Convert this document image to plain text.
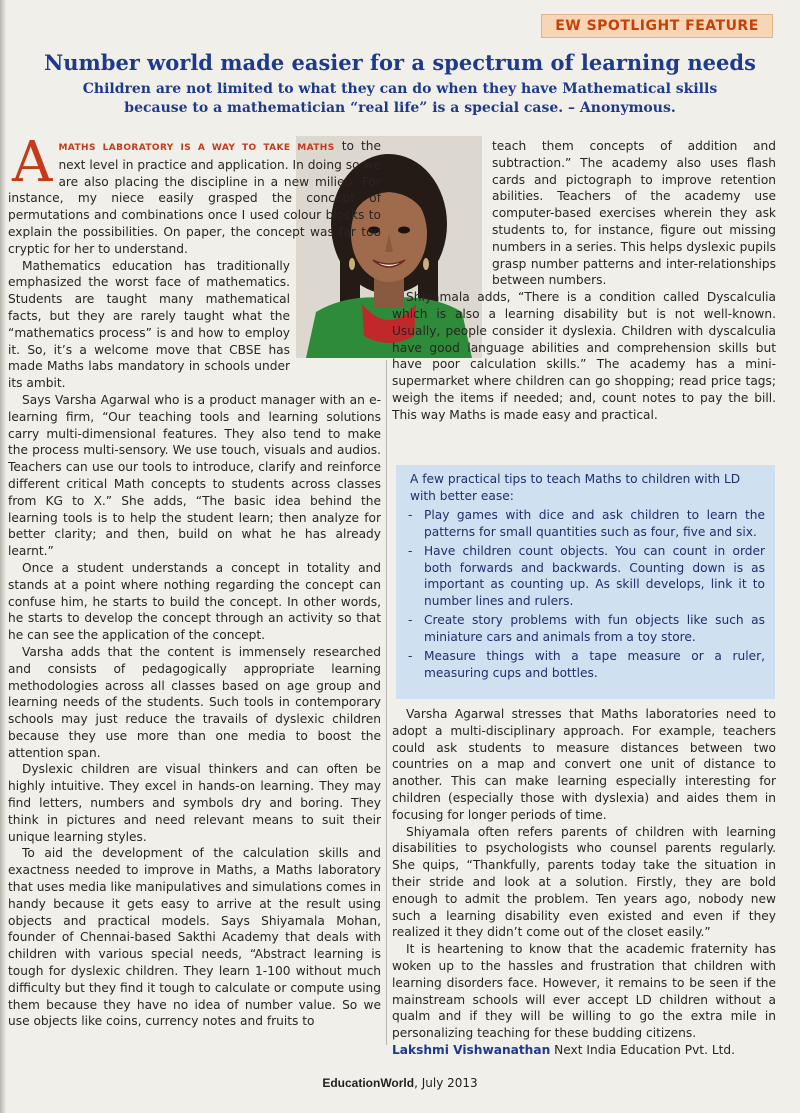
EW SPOTLIGHT FEATURE
Number world made easier for a spectrum of learning needs
Children are not limited to what they can do when they have Mathematical skills
because to a mathematician “real life” is a special case. – Anonymous.

A MATHS LABORATORY IS A WAY TO TAKE MATHS to the next level in practice and application. In doing so we are also placing the discipline in a new milieu. For instance, my niece easily grasped the concept of permutations and combinations once I used colour blocks to explain the possibilities. On paper, the concept was far too cryptic for her to understand.

Mathematics education has traditionally emphasized the worst face of mathematics. Students are taught many mathematical facts, but they are rarely taught what the “mathematics process” is and how to employ it. So, it’s a welcome move that CBSE has made Maths labs mandatory in schools under its ambit.

Says Varsha Agarwal who is a product manager with an e-learning firm, “Our teaching tools and learning solutions carry multi-dimensional features. They also tend to make the process multi-sensory. We use touch, visuals and audios. Teachers can use our tools to introduce, clarify and reinforce different critical Math concepts to students across classes from KG to X.” She adds, “The basic idea behind the learning tools is to help the student learn; then analyze for better clarity; and then, build on what he has already learnt.”

Once a student understands a concept in totality and stands at a point where nothing regarding the concept can confuse him, he starts to build the concept. In other words, he starts to develop the concept through an activity so that he can see the application of the concept.

Varsha adds that the content is immensely researched and consists of pedagogically appropriate learning methodologies across all classes based on age group and learning needs of the students. Such tools in contemporary schools may just reduce the travails of dyslexic children because they use more than one media to boost the attention span.

Dyslexic children are visual thinkers and can often be highly intuitive. They excel in hands-on learning. They may find letters, numbers and symbols dry and boring. They think in pictures and need relevant means to suit their unique learning styles.

To aid the development of the calculation skills and exactness needed to improve in Maths, a Maths laboratory that uses media like manipulatives and simulations comes in handy because it gets easy to arrive at the result using objects and practical models. Says Shiyamala Mohan, founder of Chennai-based Sakthi Academy that deals with children with various special needs, “Abstract learning is tough for dyslexic children. They learn 1-100 without much difficulty but they find it tough to calculate or compute using them because they have no idea of number value. So we use objects like coins, currency notes and fruits to

teach them concepts of addition and subtraction.” The academy also uses flash cards and pictograph to improve retention abilities. Teachers of the academy use computer-based exercises wherein they ask students to, for instance, figure out missing numbers in a series. This helps dyslexic pupils grasp number patterns and inter-relationships between numbers.

Shiyamala adds, “There is a condition called Dyscalculia which is also a learning disability but is not well-known. Usually, people consider it dyslexia. Children with dyscalculia have good language abilities and comprehension skills but have poor calculation skills.” The academy has a mini-supermarket where children can go shopping; read price tags; weigh the items if needed; and, count notes to pay the bill. This way Maths is made easy and practical.

A few practical tips to teach Maths to children with LD with better ease:
- Play games with dice and ask children to learn the patterns for small quantities such as four, five and six.
- Have children count objects. You can count in order both forwards and backwards. Counting down is as important as counting up. As skill develops, link it to number lines and rulers.
- Create story problems with fun objects like such as miniature cars and animals from a toy store.
- Measure things with a tape measure or a ruler, measuring cups and bottles.

Varsha Agarwal stresses that Maths laboratories need to adopt a multi-disciplinary approach. For example, teachers could ask students to measure distances between two countries on a map and convert one unit of distance to another. This can make learning especially interesting for children (especially those with dyslexia) and aides them in focusing for longer periods of time.

Shiyamala often refers parents of children with learning disabilities to psychologists who counsel parents regularly. She quips, “Thankfully, parents today take the situation in their stride and look at a solution. Firstly, they are bold enough to admit the problem. Ten years ago, nobody new such a learning disability even existed and even if they realized it they didn’t come out of the closet easily.”

It is heartening to know that the academic fraternity has woken up to the hassles and frustration that children with learning disorders face. However, it remains to be seen if the mainstream schools will ever accept LD children without a qualm and if they will be willing to go the extra mile in personalizing teaching for these budding citizens.

Lakshmi Vishwanathan Next India Education Pvt. Ltd.

EducationWorld, July 2013
